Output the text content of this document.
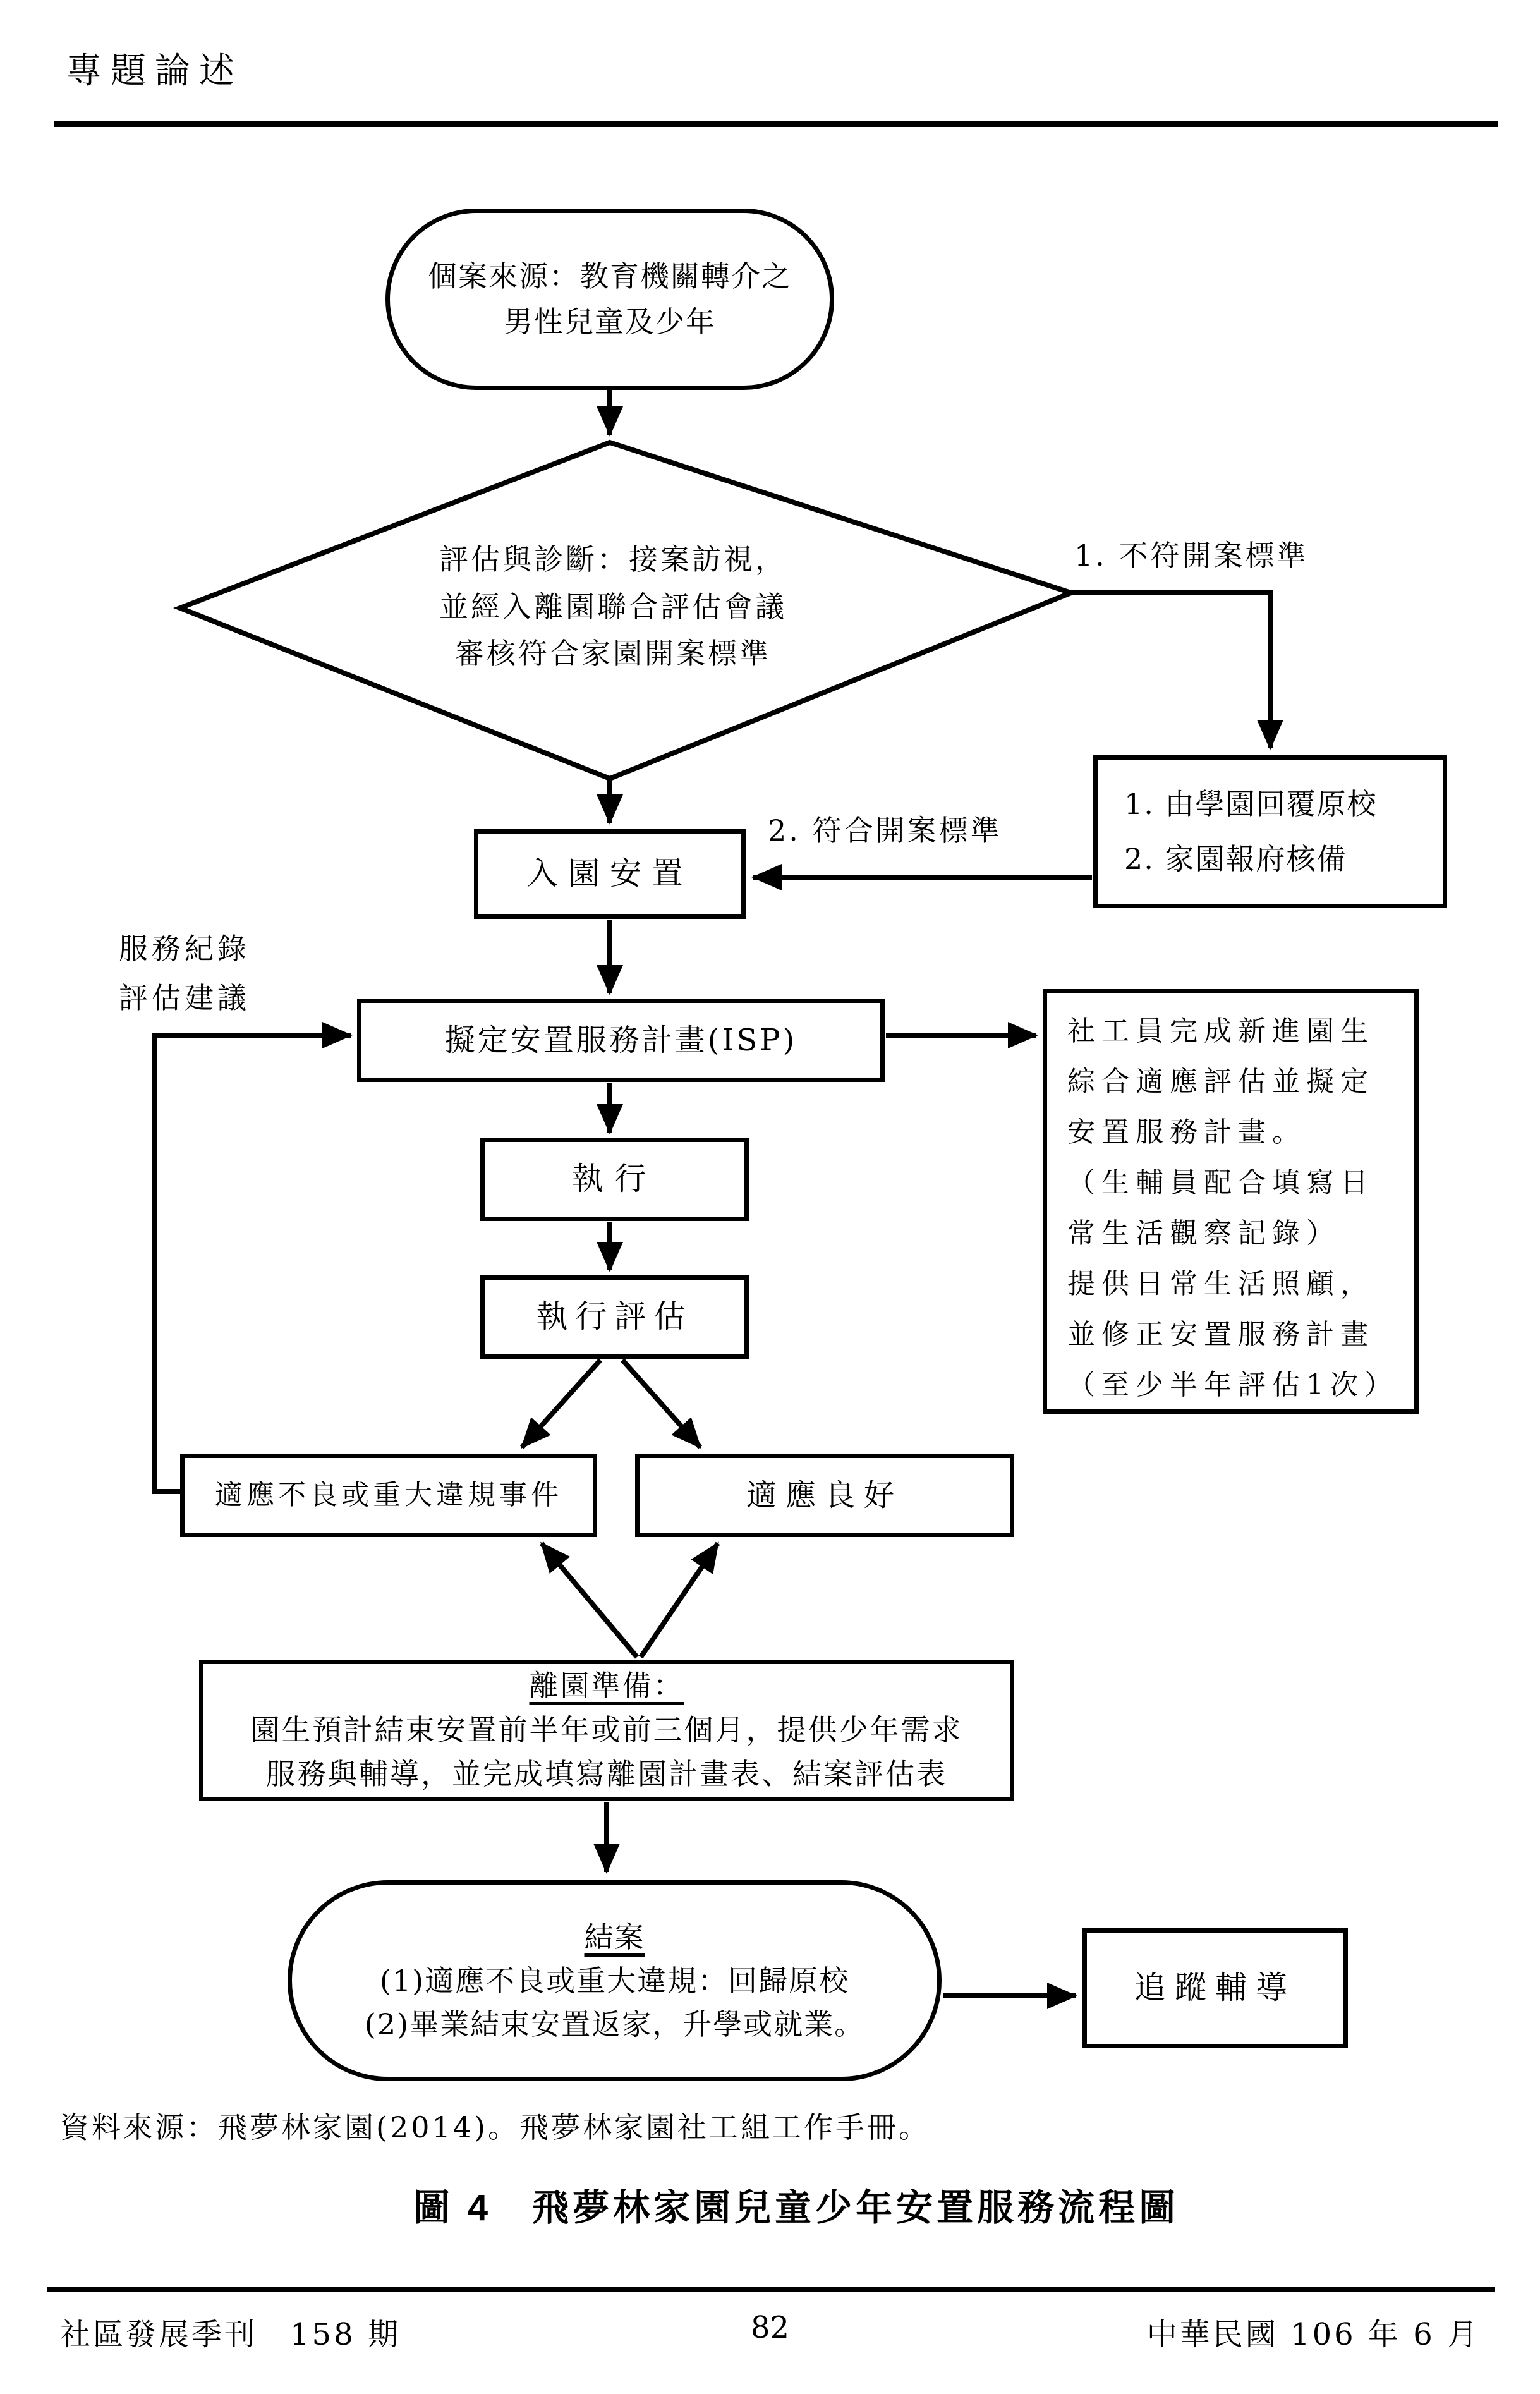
專題論述
個案來源：教育機關轉介之
男性兒童及少年
評估與診斷：接案訪視，
並經入離園聯合評估會議
審核符合家園開案標準
1. 不符開案標準
2. 符合開案標準
1. 由學園回覆原校
2. 家園報府核備
入園安置
服務紀錄
評估建議
擬定安置服務計畫(ISP)	社工員完成新進園生
綜合適應評估並擬定
安置服務計畫。
（生輔員配合填寫日
常生活觀察記錄）
提供日常生活照顧，
並修正安置服務計畫
（至少半年評估1次）
執行
執行評估
適應不良或重大違規事件	適應良好
離園準備：
園生預計結束安置前半年或前三個月，提供少年需求
服務與輔導，並完成填寫離園計畫表、結案評估表
結案
(1)適應不良或重大違規：回歸原校
(2)畢業結束安置返家，升學或就業。
追蹤輔導
資料來源：飛夢林家園(2014)。飛夢林家園社工組工作手冊。
圖 4　飛夢林家園兒童少年安置服務流程圖
社區發展季刊　158 期	82	中華民國 106 年 6 月
